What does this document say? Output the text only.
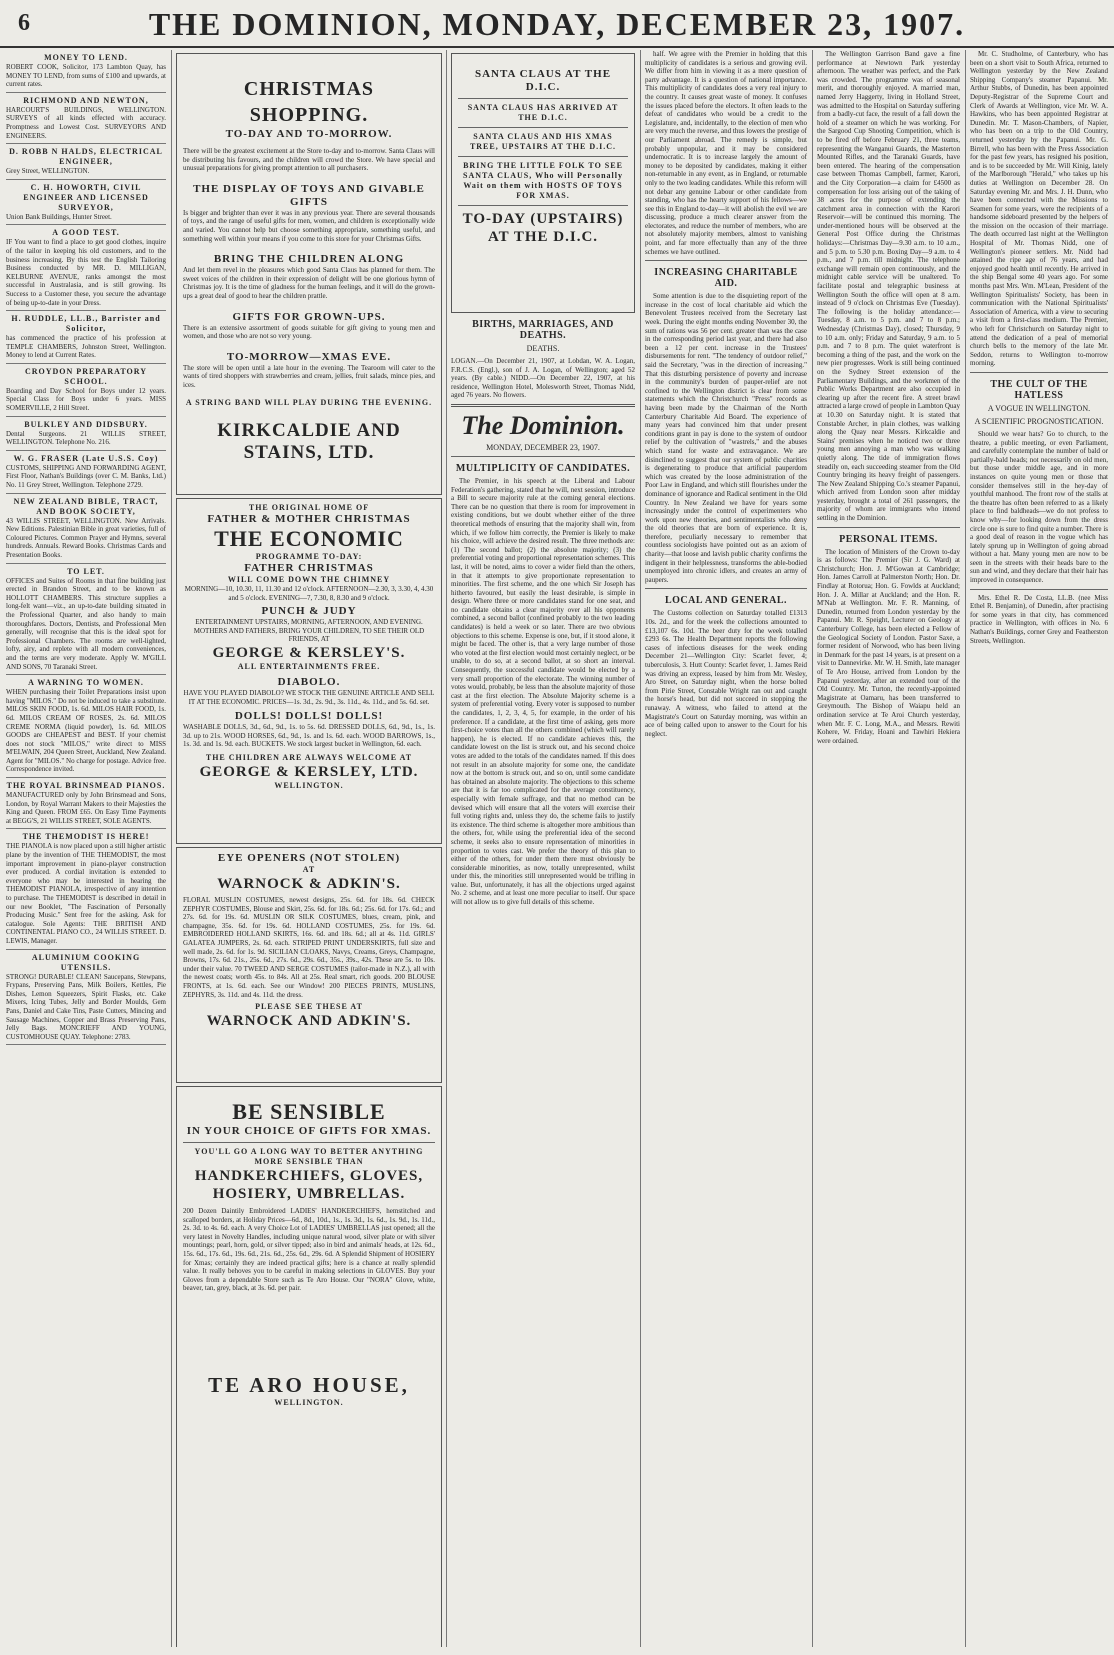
6	THE DOMINION, MONDAY, DECEMBER 23, 1907.
MONEY TO LEND.
ROBERT COOK, Solicitor, 173 Lambton Quay, has MONEY TO LEND, from sums of £100 and upwards, at current rates.
RICHMOND AND NEWTON,
HARCOURT'S BUILDINGS, WELLINGTON. SURVEYS of all kinds effected with accuracy. Promptness and Lowest Cost. SURVEYORS AND ENGINEERS.
D. ROBB N HALDS, ELECTRICAL ENGINEER,
Grey Street, WELLINGTON.
C. H. HOWORTH, CIVIL ENGINEER AND LICENSED SURVEYOR,
Union Bank Buildings, Hunter Street.
A GOOD TEST.
IF You want to find a place to get good clothes, inquire of the tailor in keeping his old customers, and to the business increasing. By this test the English Tailoring Business conducted by MR. D. MILLIGAN, KELBURNE AVENUE, ranks amongst the most successful in Australasia, and is still growing. Its Success to a Customer these, you secure the advantage of being up-to-date in your Dress.
H. RUDDLE, LL.B., Barrister and Solicitor,
has commenced the practice of his profession at TEMPLE CHAMBERS, Johnston Street, Wellington. Money to lend at Current Rates.
CROYDON PREPARATORY SCHOOL.
Boarding and Day School for Boys under 12 years. Special Class for Boys under 6 years. MISS SOMERVILLE, 2 Hill Street.
BULKLEY AND DIDSBURY.
Dental Surgeons. 21 WILLIS STREET, WELLINGTON. Telephone No. 216.
W. G. FRASER (Late U.S.S. Coy)
CUSTOMS, SHIPPING AND FORWARDING AGENT, First Floor, Nathan's Buildings (over C. M. Banks, Ltd.) No. 11 Grey Street, Wellington. Telephone 2729.
NEW ZEALAND BIBLE, TRACT, AND BOOK SOCIETY,
43 WILLIS STREET, WELLINGTON. New Arrivals. New Editions. Palestinian Bible in great varieties, full of Coloured Pictures. Common Prayer and Hymns, several hundreds. Annuals. Reward Books. Christmas Cards and Presentation Books.
TO LET.
OFFICES and Suites of Rooms in that fine building just erected in Brandon Street, and to be known as HOLLOTT CHAMBERS. This structure supplies a long-felt want—viz., an up-to-date building situated in the Professional Quarter, and also handy to main thoroughfares. Doctors, Dentists, and Professional Men generally, will recognise that this is the ideal spot for Professional Chambers. The rooms are well-lighted, lofty, airy, and replete with all modern conveniences, and the terms are very moderate. Apply W. M'GILL AND SONS, 70 Taranaki Street.
A WARNING TO WOMEN.
WHEN purchasing their Toilet Preparations insist upon having "MILOS." Do not be induced to take a substitute. MILOS SKIN FOOD, 1s. 6d. MILOS HAIR FOOD, 1s. 6d. MILOS CREAM OF ROSES, 2s. 6d. MILOS CREME NORMA (liquid powder), 1s. 6d. MILOS GOODS are CHEAPEST and BEST. If your chemist does not stock "MILOS," write direct to MISS M'ELWAIN, 204 Queen Street, Auckland, New Zealand. Agent for "MILOS." No charge for postage. Advice free. Correspondence invited.
THE ROYAL BRINSMEAD PIANOS.
MANUFACTURED only by John Brinsmead and Sons, London, by Royal Warrant Makers to their Majesties the King and Queen. FROM £65. On Easy Time Payments at BEGG'S, 21 WILLIS STREET, SOLE AGENTS.
THE THEMODIST IS HERE!
THE PIANOLA is now placed upon a still higher artistic plane by the invention of THE THEMODIST, the most important improvement in piano-player construction ever produced. A cordial invitation is extended to everyone who may be interested in hearing the THEMODIST PIANOLA, irrespective of any intention to purchase. The THEMODIST is described in detail in our new Booklet, "The Fascination of Personally Producing Music." Sent free for the asking. Ask for catalogue. Sole Agents: THE BRITISH AND CONTINENTAL PIANO CO., 24 WILLIS STREET. D. LEWIS, Manager.
ALUMINIUM COOKING UTENSILS.
STRONG! DURABLE! CLEAN! Saucepans, Stewpans, Frypans, Preserving Pans, Milk Boilers, Kettles, Pie Dishes, Lemon Squeezers, Spirit Flasks, etc. Cake Mixers, Icing Tubes, Jelly and Border Moulds, Gem Pans, Daniel and Cake Tins, Paste Cutters, Mincing and Sausage Machines, Copper and Brass Preserving Pans, Jelly Bags. MONCRIEFF AND YOUNG, CUSTOMHOUSE QUAY. Telephone: 2783.
CHRISTMAS SHOPPING.
TO-DAY AND TO-MORROW.
There will be the greatest excitement at the Store to-day and to-morrow. Santa Claus will be distributing his favours, and the children will crowd the Store. We have special and unusual preparations for giving prompt attention to all purchasers.
THE DISPLAY OF TOYS AND GIVABLE GIFTS
Is bigger and brighter than ever it was in any previous year. There are several thousands of toys, and the range of useful gifts for men, women, and children is exceptionally wide and varied. You cannot help but choose something appropriate, something useful, and something well within your means if you come to this store for your Christmas Gifts.
BRING THE CHILDREN ALONG
And let them revel in the pleasures which good Santa Claus has planned for them. The sweet voices of the children in their expression of delight will be one glorious hymn of Christmas joy. It is the time of gladness for the human feelings, and it will do the grown-ups a great deal of good to hear the children prattle.
GIFTS FOR GROWN-UPS.
There is an extensive assortment of goods suitable for gift giving to young men and women, and those who are not so very young.
TO-MORROW—XMAS EVE.
The store will be open until a late hour in the evening. The Tearoom will cater to the wants of tired shoppers with strawberries and cream, jellies, fruit salads, mince pies, and ices.
A STRING BAND WILL PLAY DURING THE EVENING.
KIRKCALDIE AND STAINS, LTD.
THE ORIGINAL HOME OF
FATHER & MOTHER CHRISTMAS
THE ECONOMIC
PROGRAMME TO-DAY:
FATHER CHRISTMAS
WILL COME DOWN THE CHIMNEY
MORNING—10, 10.30, 11, 11.30 and 12 o'clock. AFTERNOON—2.30, 3, 3.30, 4, 4.30 and 5 o'clock. EVENING—7, 7.30, 8, 8.30 and 9 o'clock.
PUNCH & JUDY
ENTERTAINMENT UPSTAIRS, MORNING, AFTERNOON, AND EVENING. MOTHERS AND FATHERS, BRING YOUR CHILDREN, TO SEE THEIR OLD FRIENDS, AT
GEORGE & KERSLEY'S.
ALL ENTERTAINMENTS FREE.
DIABOLO.
HAVE YOU PLAYED DIABOLO? WE STOCK THE GENUINE ARTICLE AND SELL IT AT THE ECONOMIC. PRICES—1s. 3d., 2s. 9d., 3s. 11d., 4s. 11d., and 5s. 6d. set.
DOLLS! DOLLS! DOLLS!
WASHABLE DOLLS, 3d., 6d., 9d., 1s. to 5s. 6d. DRESSED DOLLS, 6d., 9d., 1s., 1s. 3d. up to 21s. WOOD HORSES, 6d., 9d., 1s. and 1s. 6d. each. WOOD BARROWS, 1s., 1s. 3d. and 1s. 9d. each. BUCKETS. We stock largest bucket in Wellington, 6d. each.
THE CHILDREN ARE ALWAYS WELCOME AT
GEORGE & KERSLEY, LTD.
WELLINGTON.
EYE OPENERS (NOT STOLEN)
AT
WARNOCK & ADKIN'S.
FLORAL MUSLIN COSTUMES, newest designs, 25s. 6d. for 18s. 6d. CHECK ZEPHYR COSTUMES, Blouse and Skirt, 25s. 6d. for 18s. 6d.; 25s. 6d. for 17s. 6d.; and 27s. 6d. for 19s. 6d. MUSLIN OR SILK COSTUMES, blues, cream, pink, and champagne, 35s. 6d. for 19s. 6d. HOLLAND COSTUMES, 25s. for 19s. 6d. EMBROIDERED HOLLAND SKIRTS, 16s. 6d. and 18s. 6d.; all at 4s. 11d. GIRLS' GALATEA JUMPERS, 2s. 6d. each. STRIPED PRINT UNDERSKIRTS, full size and well made, 2s. 6d. for 1s. 9d. SICILIAN CLOAKS, Navys, Creams, Greys, Champagne, Browns, 17s. 6d. 21s., 25s. 6d., 27s. 6d., 29s. 6d., 35s., 39s., 42s. These are 5s. to 10s. under their value. 70 TWEED AND SERGE COSTUMES (tailor-made in N.Z.), all with the newest coats; worth 45s. to 84s. All at 25s. Real smart, rich goods. 200 BLOUSE FRONTS, at 1s. 6d. each. See our Window! 200 PIECES PRINTS, MUSLINS, ZEPHYRS, 3s. 11d. and 4s. 11d. the dress.
PLEASE SEE THESE AT
WARNOCK AND ADKIN'S.
BE SENSIBLE
IN YOUR CHOICE OF GIFTS FOR XMAS.
YOU'LL GO A LONG WAY TO BETTER ANYTHING MORE SENSIBLE THAN
HANDKERCHIEFS, GLOVES, HOSIERY, UMBRELLAS.
200 Dozen Daintily Embroidered LADIES' HANDKERCHIEFS, hemstitched and scalloped borders, at Holiday Prices—6d., 8d., 10d., 1s., 1s. 3d., 1s. 6d., 1s. 9d., 1s. 11d., 2s. 3d. to 4s. 6d. each. A very Choice Lot of LADIES' UMBRELLAS just opened; all the very latest in Novelty Handles, including unique natural wood, silver plate or with silver mountings; pearl, horn, gold, or silver tipped; also in bird and animals' heads, at 12s. 6d., 15s. 6d., 17s. 6d., 19s. 6d., 21s. 6d., 25s. 6d., 29s. 6d. A Splendid Shipment of HOSIERY for Xmas; certainly they are indeed practical gifts; here is a chance at really splendid value. It really behoves you to be careful in making selections in GLOVES. Buy your Gloves from a dependable Store such as Te Aro House. Our "NORA" Glove, white, beaver, tan, grey, black, at 3s. 6d. per pair.
TE ARO HOUSE,
WELLINGTON.
SANTA CLAUS AT THE D.I.C.
SANTA CLAUS HAS ARRIVED AT THE D.I.C.
SANTA CLAUS AND HIS XMAS TREE, UPSTAIRS AT THE D.I.C.
BRING THE LITTLE FOLK TO SEE SANTA CLAUS, Who will Personally Wait on them with HOSTS OF TOYS FOR XMAS.
TO-DAY (UPSTAIRS) AT THE D.I.C.
BIRTHS, MARRIAGES, AND DEATHS.
DEATHS.
LOGAN.—On December 21, 1907, at Lobdan, W. A. Logan, F.R.C.S. (Engl.), son of J. A. Logan, of Wellington; aged 52 years. (By cable.) NIDD.—On December 22, 1907, at his residence, Wellington Hotel, Molesworth Street, Thomas Nidd, aged 76 years. No flowers.
The Dominion.
MONDAY, DECEMBER 23, 1907.
MULTIPLICITY OF CANDIDATES.
The Premier, in his speech at the Liberal and Labour Federation's gathering, stated that he will, next session, introduce a Bill to secure majority rule at the coming general elections. There can be no question that there is room for improvement in existing conditions, but we doubt whether either of the three theoretical methods of ensuring that the majority shall win, from which, if we follow him correctly, the Premier is likely to make his choice, will achieve the desired result. The three methods are: (1) The second ballot; (2) the absolute majority; (3) the preferential voting and proportional representation schemes. This last, it will be noted, aims to cover a wider field than the others, in that it attempts to give proportionate representation to minorities. The first scheme, and the one which Sir Joseph has hitherto favoured, but easily the least desirable, is simple in design. Where three or more candidates stand for one seat, and no candidate obtains a clear majority over all his opponents combined, a second ballot (confined probably to the two leading candidates) is held a week or so later. There are two obvious objections to this scheme. Expense is one, but, if it stood alone, it might be faced. The other is, that a very large number of those who voted at the first election would most certainly neglect, or be unable, to do so, at a second ballot, at so short an interval. Consequently, the successful candidate would be elected by a very small proportion of the electorate. The winning number of votes would, probably, be less than the absolute majority of those cast at the first election. The Absolute Majority scheme is a system of preferential voting. Every voter is supposed to number the candidates, 1, 2, 3, 4, 5, for example, in the order of his preference. If a candidate, at the first time of asking, gets more first-choice votes than all the others combined (which will rarely happen), he is elected. If no candidate achieves this, the candidate lowest on the list is struck out, and his second choice votes are added to the totals of the candidates named. If this does not result in an absolute majority for some one, the candidate now at the bottom is struck out, and so on, until some candidate has obtained an absolute majority. The objections to this scheme are that it is far too complicated for the average constituency, especially with female suffrage, and that no method can be devised which will ensure that all the voters will exercise their full voting rights and, unless they do, the scheme fails to justify its existence. The third scheme is altogether more ambitious than the others, for, while using the preferential idea of the second scheme, it seeks also to ensure representation of minorities in proportion to votes cast. We prefer the theory of this plan to either of the others, for under them there must obviously be considerable minorities, as now, totally unrepresented, whilst under this, the minorities still unrepresented would be trifling in value. But, unfortunately, it has all the objections urged against No. 2 scheme, and at least one more peculiar to itself. Our space will not allow us to give full details of this scheme.
half. We agree with the Premier in holding that this multiplicity of candidates is a serious and growing evil. We differ from him in viewing it as a mere question of party advantage. It is a question of national importance. This multiplicity of candidates does a very real injury to the country. It causes great waste of money. It confuses the issues placed before the electors. It often leads to the defeat of candidates who would be a credit to the Legislature, and, incidentally, to the election of men who are very much the reverse, and thus lowers the prestige of our Parliament abroad. The remedy is simple, but probably unpopular, and it may be considered undemocratic. It is to increase largely the amount of money to be deposited by candidates, making it either non-returnable in any event, as in England, or returnable only to the two leading candidates. While this reform will not debar any genuine Labour or other candidate from standing, who has the hearty support of his fellows—we see this in England to-day—it will abolish the evil we are discussing, produce a much clearer answer from the electorates, and reduce the number of members, who are not absolutely majority members, almost to vanishing point, and far more effectually than any of the three schemes we have outlined.
INCREASING CHARITABLE AID.
Some attention is due to the disquieting report of the increase in the cost of local charitable aid which the Benevolent Trustees received from the Secretary last week. During the eight months ending November 30, the sum of rations was 56 per cent. greater than was the case in the corresponding period last year, and there had also been a 12 per cent. increase in the Trustees' disbursements for rent. "The tendency of outdoor relief," said the Secretary, "was in the direction of increasing." That this disturbing persistence of poverty and increase in the community's burden of pauper-relief are not confined to the Wellington district is clear from some statements which the Christchurch "Press" records as having been made by the Chairman of the North Canterbury Charitable Aid Board. The experience of many years had convinced him that under present conditions grant in pay is done to the system of outdoor relief by the cultivation of "wastrels," and the abuses which stand for waste and extravagance. We are disinclined to suggest that our system of public charities is degenerating to produce that artificial pauperdom which was created by the loose administration of the Poor Law in England, and which still flourishes under the dominance of ignorance and Radical sentiment in the Old Country. In New Zealand we have for years some increasingly under the control of experimenters who work upon new theories, and sentimentalists who deny the old theories that are born of experience. It is, therefore, peculiarly necessary to remember that countless sociologists have pointed out as an axiom of charity—that loose and lavish public charity confirms the indigent in their helplessness, transforms the able-bodied unemployed into chronic idlers, and creates an army of paupers.
LOCAL AND GENERAL.
The Customs collection on Saturday totalled £1313 10s. 2d., and for the week the collections amounted to £13,107 6s. 10d. The beer duty for the week totalled £293 6s. The Health Department reports the following cases of infectious diseases for the week ending December 21—Wellington City: Scarlet fever, 4; tuberculosis, 3. Hutt County: Scarlet fever, 1. James Reid was driving an express, leased by him from Mr. Wesley, Aro Street, on Saturday night, when the horse bolted from Pirie Street, Constable Wright ran out and caught the horse's head, but did not succeed in stopping the runaway. A witness, who failed to attend at the Magistrate's Court on Saturday morning, was within an ace of being called upon to answer to the Court for his neglect.
The Wellington Garrison Band gave a fine performance at Newtown Park yesterday afternoon. The weather was perfect, and the Park was crowded. The programme was of seasonal merit, and thoroughly enjoyed. A married man, named Jerry Haggerty, living in Holland Street, was admitted to the Hospital on Saturday suffering from a badly-cut face, the result of a fall down the hold of a steamer on which he was working. For the Sargood Cup Shooting Competition, which is to be fired off before February 21, three teams, representing the Wanganui Guards, the Masterton Mounted Rifles, and the Taranaki Guards, have been entered. The hearing of the compensation case between Thomas Campbell, farmer, Karori, and the City Corporation—a claim for £4500 as compensation for loss arising out of the taking of 38 acres for the purpose of extending the catchment area in connection with the Karori Reservoir—will be continued this morning. The under-mentioned hours will be observed at the General Post Office during the Christmas holidays:—Christmas Day—9.30 a.m. to 10 a.m., and 5 p.m. to 5.30 p.m. Boxing Day—9 a.m. to 4 p.m., and 7 p.m. till midnight. The telephone exchange will remain open continuously, and the midnight cable service will be unaltered. To facilitate postal and telegraphic business at Wellington South the office will open at 8 a.m. instead of 9 o'clock on Christmas Eve (Tuesday). The following is the holiday attendance:—Tuesday, 8 a.m. to 5 p.m. and 7 to 8 p.m.; Wednesday (Christmas Day), closed; Thursday, 9 to 10 a.m. only; Friday and Saturday, 9 a.m. to 5 p.m. and 7 to 8 p.m. The quiet waterfront is becoming a thing of the past, and the work on the new pier progresses. Work is still being continued on the Sydney Street extension of the Parliamentary Buildings, and the workmen of the Public Works Department are also occupied in clearing up after the recent fire. A street brawl attracted a large crowd of people in Lambton Quay at 10.30 on Saturday night. It is stated that Constable Archer, in plain clothes, was walking along the Quay near Messrs. Kirkcaldie and Stains' premises when he noticed two or three young men annoying a man who was walking quietly along. The tide of immigration flows steadily on, each succeeding steamer from the Old Country bringing its heavy freight of passengers. The New Zealand Shipping Co.'s steamer Papanui, which arrived from London soon after midday yesterday, brought a total of 261 passengers, the majority of whom are immigrants who intend settling in the Dominion.
PERSONAL ITEMS.
The location of Ministers of the Crown to-day is as follows: The Premier (Sir J. G. Ward) at Christchurch; Hon. J. M'Gowan at Cambridge; Hon. James Carroll at Palmerston North; Hon. Dr. Findlay at Rotorua; Hon. G. Fowlds at Auckland; Hon. J. A. Millar at Auckland; and the Hon. R. M'Nab at Wellington. Mr. F. R. Manning, of Dunedin, returned from London yesterday by the Papanui. Mr. R. Speight, Lecturer on Geology at Canterbury College, has been elected a Fellow of the Geological Society of London. Pastor Saxe, a former resident of Norwood, who has been living in Denmark for the past 14 years, is at present on a visit to Dannevirke. Mr. W. H. Smith, late manager of Te Aro House, arrived from London by the Papanui yesterday, after an extended tour of the Old Country. Mr. Turton, the recently-appointed Magistrate at Oamaru, has been transferred to Greymouth. The Bishop of Waiapu held an ordination service at Te Aroi Church yesterday, when Mr. F. C. Long, M.A., and Messrs. Rewiti Kohere, W. Friday, Hoani and Tawhiri Hekiera were ordained.
Mr. C. Studholme, of Canterbury, who has been on a short visit to South Africa, returned to Wellington yesterday by the New Zealand Shipping Company's steamer Papanui. Mr. Arthur Stubbs, of Dunedin, has been appointed Deputy-Registrar of the Supreme Court and Clerk of Awards at Wellington, vice Mr. W. A. Hawkins, who has been appointed Registrar at Dunedin. Mr. T. Mason-Chambers, of Napier, who has been on a trip to the Old Country, returned yesterday by the Papanui. Mr. G. Birrell, who has been with the Press Association for the past few years, has resigned his position, and is to be succeeded by Mr. Will Kinig, lately of the Marlborough "Herald," who takes up his duties at Wellington on December 28. On Saturday evening Mr. and Mrs. J. H. Dunn, who have been connected with the Missions to Seamen for some years, were the recipients of a handsome sideboard presented by the helpers of the mission on the occasion of their marriage. The death occurred last night at the Wellington Hospital of Mr. Thomas Nidd, one of Wellington's pioneer settlers. Mr. Nidd had attained the ripe age of 76 years, and had enjoyed good health until recently. He arrived in the ship Bengal some 40 years ago. For some months past Mrs. Wm. M'Lean, President of the Wellington Spiritualists' Society, has been in communication with the National Spiritualists' Association of America, with a view to securing a visit from a first-class medium. The Premier, who left for Christchurch on Saturday night to attend the dedication of a peal of memorial church bells to the memory of the late Mr. Seddon, returns to Wellington to-morrow morning.
THE CULT OF THE HATLESS
A VOGUE IN WELLINGTON.
A SCIENTIFIC PROGNOSTICATION.
Should we wear hats? Go to church, to the theatre, a public meeting, or even Parliament, and carefully contemplate the number of bald or partially-bald heads; not necessarily on old men, but those under middle age, and in more instances on quite young men or those that consider themselves still in the hey-day of youthful manhood. The front row of the stalls at the theatre has often been referred to as a likely place to find baldheads—we do not profess to know why—for looking down from the dress circle one is sure to find quite a number. There is a good deal of reason in the vogue which has lately sprung up in Wellington of going abroad without a hat. Many young men are now to be seen in the streets with their heads bare to the sun and wind, and they declare that their hair has improved in consequence.
Mrs. Ethel R. De Costa, LL.B. (nee Miss Ethel R. Benjamin), of Dunedin, after practising for some years in that city, has commenced practice in Wellington, with offices in No. 6 Nathan's Buildings, corner Grey and Featherston Streets, Wellington.
